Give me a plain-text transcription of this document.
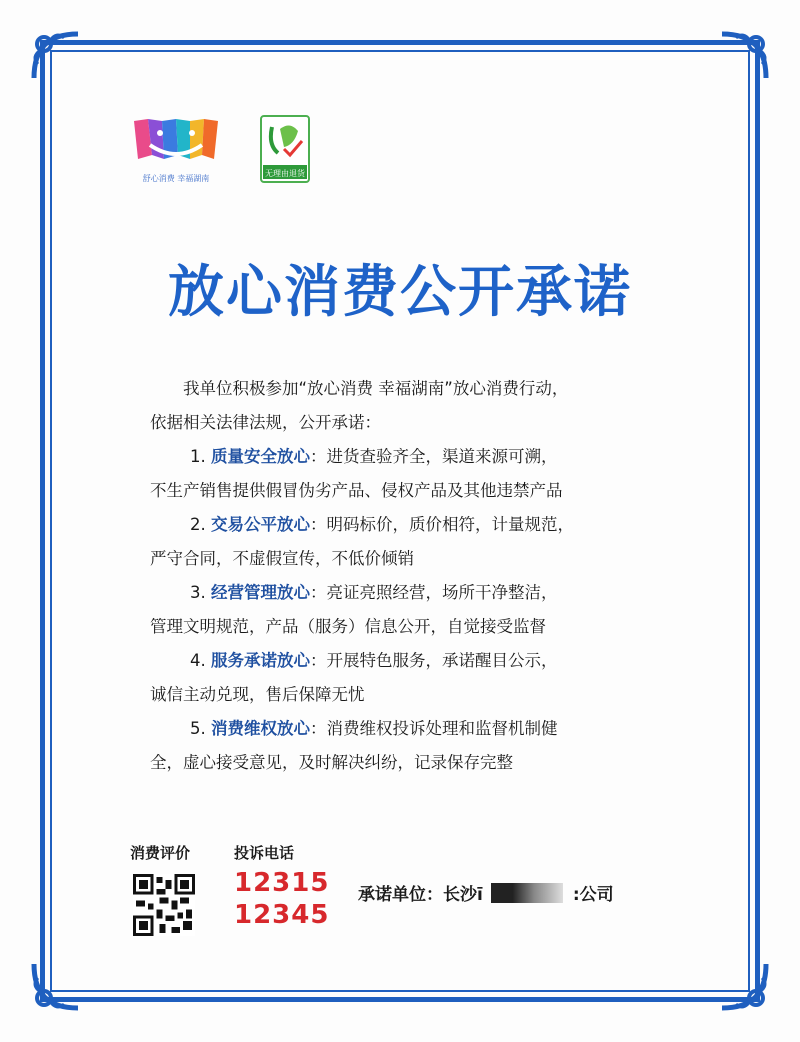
舒心消费 幸福湖南
无理由退货
放心消费公开承诺

我单位积极参加“放心消费 幸福湖南”放心消费行动，

依据相关法律法规，公开承诺：

1. 质量安全放心：进货查验齐全，渠道来源可溯，

不生产销售提供假冒伪劣产品、侵权产品及其他违禁产品

2. 交易公平放心：明码标价，质价相符，计量规范，

严守合同，不虚假宣传，不低价倾销

3. 经营管理放心：亮证亮照经营，场所干净整洁，

管理文明规范，产品（服务）信息公开，自觉接受监督

4. 服务承诺放心：开展特色服务，承诺醒目公示，

诚信主动兑现，售后保障无忧

5. 消费维权放心：消费维权投诉处理和监督机制健

全，虚心接受意见，及时解决纠纷，记录保存完整

消费评价	投诉电话
12315
12345
承诺单位： 长沙ī	:公司
